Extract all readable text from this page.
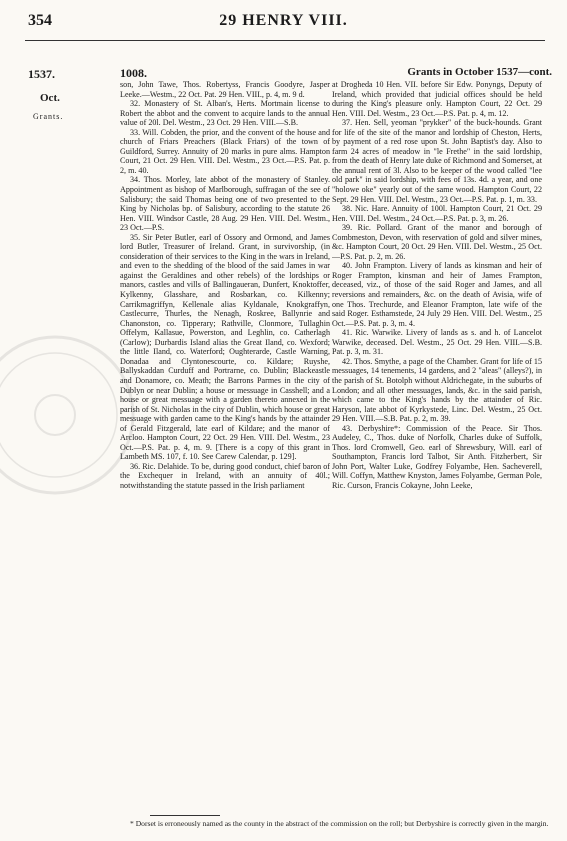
354	29 HENRY VIII.
1537.
Oct.
Grants.
1008.	Grants in October 1537—cont.

son, John Tawe, Thos. Robertyss, Francis Goodyre, Jasper Leeke.—Westm., 22 Oct. Pat. 29 Hen. VIII., p. 4, m. 9 d.

32. Monastery of St. Alban's, Herts. Mortmain license to Robert the abbot and the convent to acquire lands to the annual value of 20l. Del. Westm., 23 Oct. 29 Hen. VIII.—S.B.

33. Will. Cobden, the prior, and the convent of the house and church of Friars Preachers (Black Friars) of the town of Guildford, Surrey. Annuity of 20 marks in pure alms. Hampton Court, 21 Oct. 29 Hen. VIII. Del. Westm., 23 Oct.—P.S. Pat. p. 2, m. 40.

34. Thos. Morley, late abbot of the monastery of Stanley. Appointment as bishop of Marlborough, suffragan of the see of Salisbury; the said Thomas being one of two presented to the King by Nicholas bp. of Salisbury, according to the statute 26 Hen. VIII. Windsor Castle, 28 Aug. 29 Hen. VIII. Del. Westm., 23 Oct.—P.S.

35. Sir Peter Butler, earl of Ossory and Ormond, and James lord Butler, Treasurer of Ireland. Grant, in survivorship, (in consideration of their services to the King in the wars in Ireland, and even to the shedding of the blood of the said James in war against the Geraldines and other rebels) of the lordships or manors, castles and vills of Ballingaueran, Dunfert, Knoktoffer, Kylkenny, Glasshare, and Rosbarkan, co. Kilkenny; Carrikmagriffyn, Kellenale alias Kyldanale, Knokgraffyn, Castlecurre, Thurles, the Nenagh, Roskree, Ballynrie and Chanonston, co. Tipperary; Rathville, Clonmore, Tullaghin Offelym, Kallasue, Powerston, and Leghlin, co. Catherlagh (Carlow); Durbardis Island alias the Great Iland, co. Wexford; the little Iland, co. Waterford; Oughterarde, Castle Warning, Donadaa and Clyntonescourte, co. Kildare; Ruyshe, Ballyskaddan Curduff and Portrarne, co. Dublin; Blackeastle and Donamore, co. Meath; the Barrons Parmes in the city of Dublyn or near Dublin; a house or messuage in Casshell; and a house or great messuage with a garden thereto annexed in the parish of St. Nicholas in the city of Dublin, which house or great messuage with garden came to the King's hands by the attainder of Gerald Fitzgerald, late earl of Kildare; and the manor of Arcloo. Hampton Court, 22 Oct. 29 Hen. VIII. Del. Westm., 23 Oct.—P.S. Pat. p. 4, m. 9. [There is a copy of this grant in Lambeth MS. 107, f. 10. See Carew Calendar, p. 129].

36. Ric. Delahide. To be, during good conduct, chief baron of the Exchequer in Ireland, with an annuity of 40l.; notwithstanding the statute passed in the Irish parliament

at Drogheda 10 Hen. VII. before Sir Edw. Ponyngs, Deputy of Ireland, which provided that judicial offices should be held during the King's pleasure only. Hampton Court, 22 Oct. 29 Hen. VIII. Del. Westm., 23 Oct.—P.S. Pat. p. 4, m. 12.

37. Hen. Sell, yeoman "prykker" of the buck-hounds. Grant for life of the site of the manor and lordship of Cheston, Herts, by payment of a red rose upon St. John Baptist's day. Also to farm 24 acres of meadow in "le Frethe" in the said lordship, from the death of Henry late duke of Richmond and Somerset, at the annual rent of 3l. Also to be keeper of the wood called "lee old park" in said lordship, with fees of 13s. 4d. a year, and one "holowe oke" yearly out of the same wood. Hampton Court, 22 Sept. 29 Hen. VIII. Del. Westm., 23 Oct.—P.S. Pat. p. 1, m. 33.

38. Nic. Hare. Annuity of 100l. Hampton Court, 21 Oct. 29 Hen. VIII. Del. Westm., 24 Oct.—P.S. Pat. p. 3, m. 26.

39. Ric. Pollard. Grant of the manor and borough of Combmeston, Devon, with reservation of gold and silver mines, &c. Hampton Court, 20 Oct. 29 Hen. VIII. Del. Westm., 25 Oct.—P.S. Pat. p. 2, m. 26.

40. John Frampton. Livery of lands as kinsman and heir of Roger Frampton, kinsman and heir of James Frampton, deceased, viz., of those of the said Roger and James, and all reversions and remainders, &c. on the death of Avisia, wife of one Thos. Trechurde, and Eleanor Frampton, late wife of the said Roger. Esthamstede, 24 July 29 Hen. VIII. Del. Westm., 25 Oct.—P.S. Pat. p. 3, m. 4.

41. Ric. Warwike. Livery of lands as s. and h. of Lancelot Warwike, deceased. Del. Westm., 25 Oct. 29 Hen. VIII.—S.B. Pat. p. 3, m. 31.

42. Thos. Smythe, a page of the Chamber. Grant for life of 15 messuages, 14 tenements, 14 gardens, and 2 "aleas" (alleys?), in the parish of St. Botolph without Aldrichegate, in the suburbs of London; and all other messuages, lands, &c. in the said parish, which came to the King's hands by the attainder of Ric. Haryson, late abbot of Kyrkystede, Linc. Del. Westm., 25 Oct. 29 Hen. VIII.—S.B. Pat. p. 2, m. 39.

43. Derbyshire*: Commission of the Peace. Sir Thos. Audeley, C., Thos. duke of Norfolk, Charles duke of Suffolk, Thos. lord Cromwell, Geo. earl of Shrewsbury, Will. earl of Southampton, Francis lord Talbot, Sir Anth. Fitzherbert, Sir John Port, Walter Luke, Godfrey Folyambe, Hen. Sacheverell, Will. Coffyn, Matthew Knyston, James Folyambe, German Pole, Ric. Curson, Francis Cokayne, John Leeke,

* Dorset is erroneously named as the county in the abstract of the commission on the roll; but Derbyshire is correctly given in the margin.
